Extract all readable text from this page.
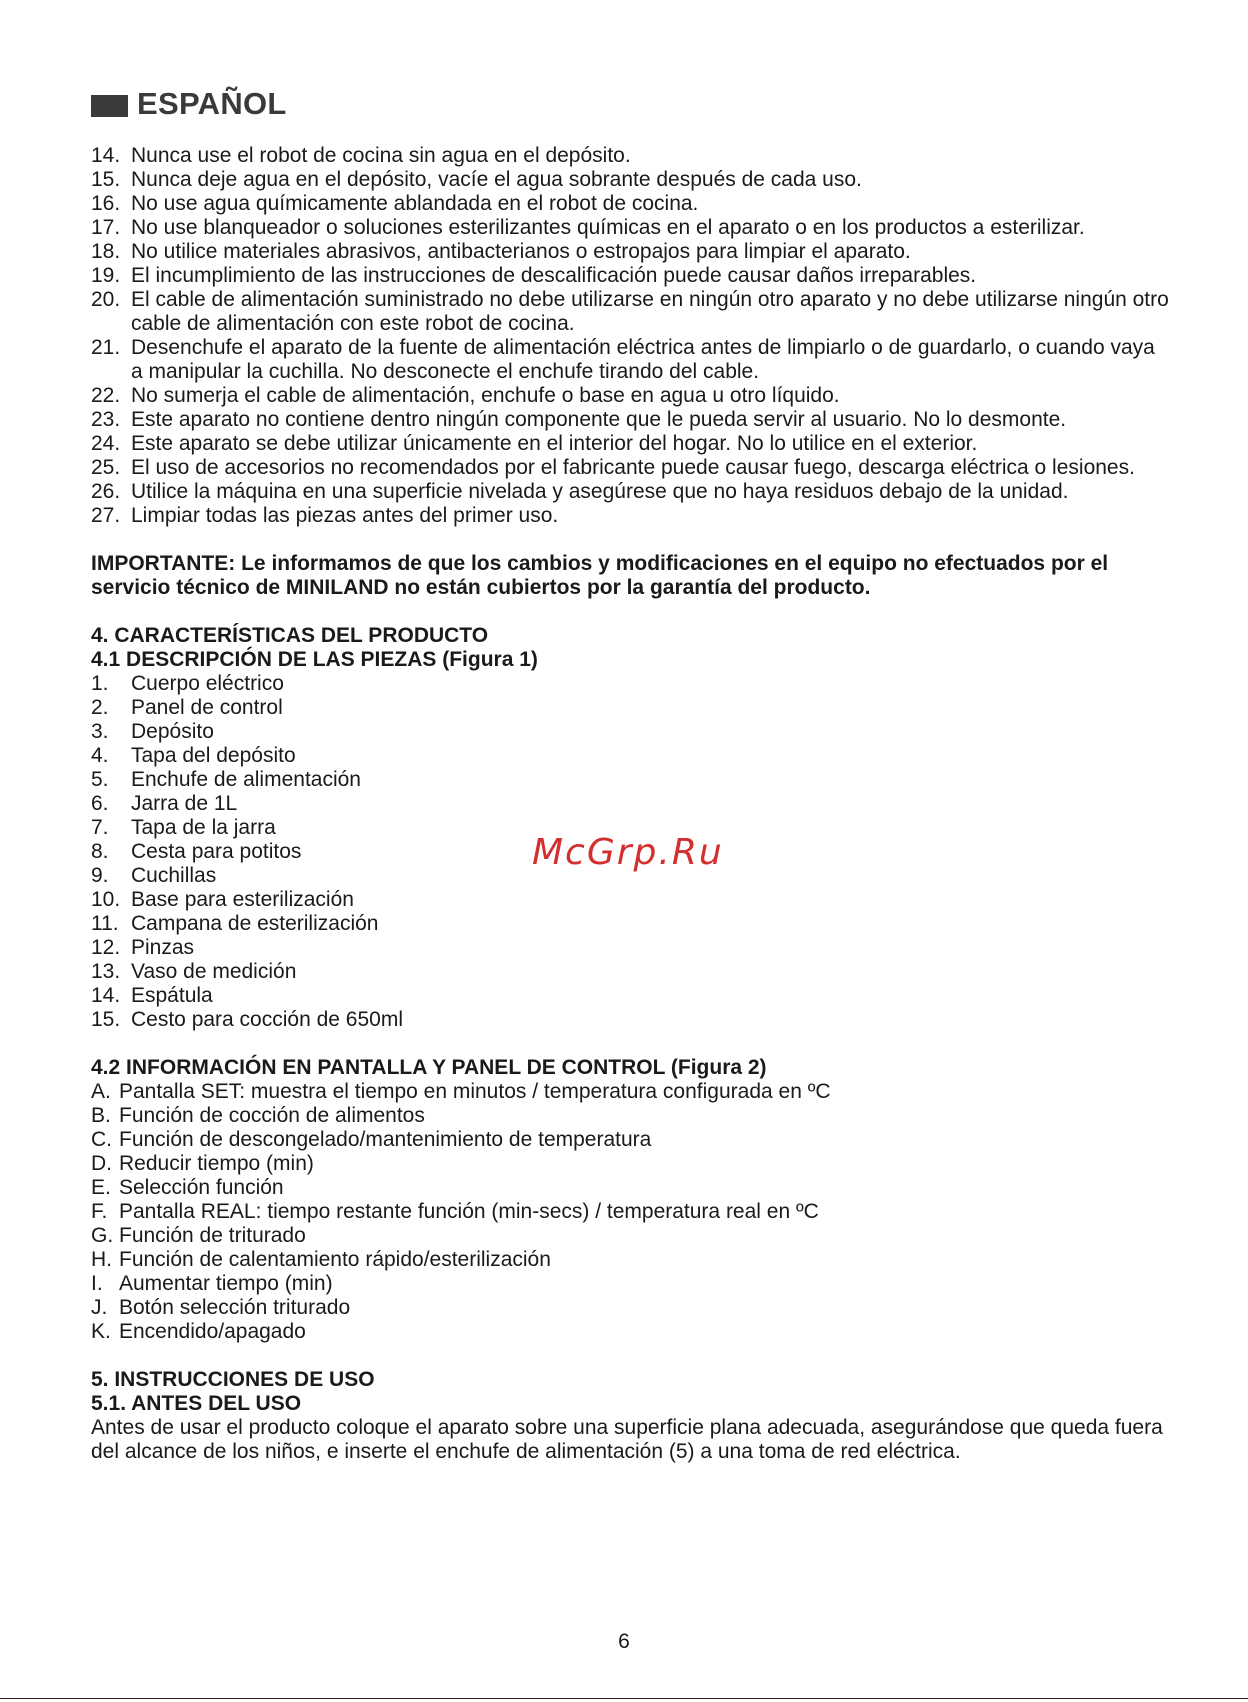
ESPAÑOL
14. Nunca use el robot de cocina sin agua en el depósito.
15. Nunca deje agua en el depósito, vacíe el agua sobrante después de cada uso.
16. No use agua químicamente ablandada en el robot de cocina.
17. No use blanqueador o soluciones esterilizantes químicas en el aparato o en los productos a esterilizar.
18. No utilice materiales abrasivos, antibacterianos o estropajos para limpiar el aparato.
19. El incumplimiento de las instrucciones de descalificación puede causar daños irreparables.
20. El cable de alimentación suministrado no debe utilizarse en ningún otro aparato y no debe utilizarse ningún otro cable de alimentación con este robot de cocina.
21. Desenchufe el aparato de la fuente de alimentación eléctrica antes de limpiarlo o de guardarlo, o cuando vaya a manipular la cuchilla. No desconecte el enchufe tirando del cable.
22. No sumerja el cable de alimentación, enchufe o base en agua u otro líquido.
23. Este aparato no contiene dentro ningún componente que le pueda servir al usuario. No lo desmonte.
24. Este aparato se debe utilizar únicamente en el interior del hogar. No lo utilice en el exterior.
25. El uso de accesorios no recomendados por el fabricante puede causar fuego, descarga eléctrica o lesiones.
26. Utilice la máquina en una superficie nivelada y asegúrese que no haya residuos debajo de la unidad.
27. Limpiar todas las piezas antes del primer uso.
IMPORTANTE: Le informamos de que los cambios y modificaciones en el equipo no efectuados por el servicio técnico de MINILAND no están cubiertos por la garantía del producto.
4. CARACTERÍSTICAS DEL PRODUCTO
4.1 DESCRIPCIÓN DE LAS PIEZAS (Figura 1)
1.	Cuerpo eléctrico
2.	Panel de control
3.	Depósito
4.	Tapa del depósito
5.	Enchufe de alimentación
6.	Jarra de 1L
7.	Tapa de la jarra
8.	Cesta para potitos
9.	Cuchillas
10. Base para esterilización
11. Campana de esterilización
12. Pinzas
13. Vaso de medición
14. Espátula
15. Cesto para cocción de 650ml
4.2 INFORMACIÓN EN PANTALLA Y PANEL DE CONTROL (Figura 2)
A. Pantalla SET: muestra el tiempo en minutos / temperatura configurada en ºC
B. Función de cocción de alimentos
C. Función de descongelado/mantenimiento de temperatura
D. Reducir tiempo (min)
E. Selección función
F. Pantalla REAL: tiempo restante función (min-secs) / temperatura real en ºC
G. Función de triturado
H. Función de calentamiento rápido/esterilización
I. Aumentar tiempo (min)
J. Botón selección triturado
K. Encendido/apagado
5. INSTRUCCIONES DE USO
5.1. ANTES DEL USO
Antes de usar el producto coloque el aparato sobre una superficie plana adecuada, asegurándose que queda fuera del alcance de los niños, e inserte el enchufe de alimentación (5) a una toma de red eléctrica.
McGrp.Ru
6
